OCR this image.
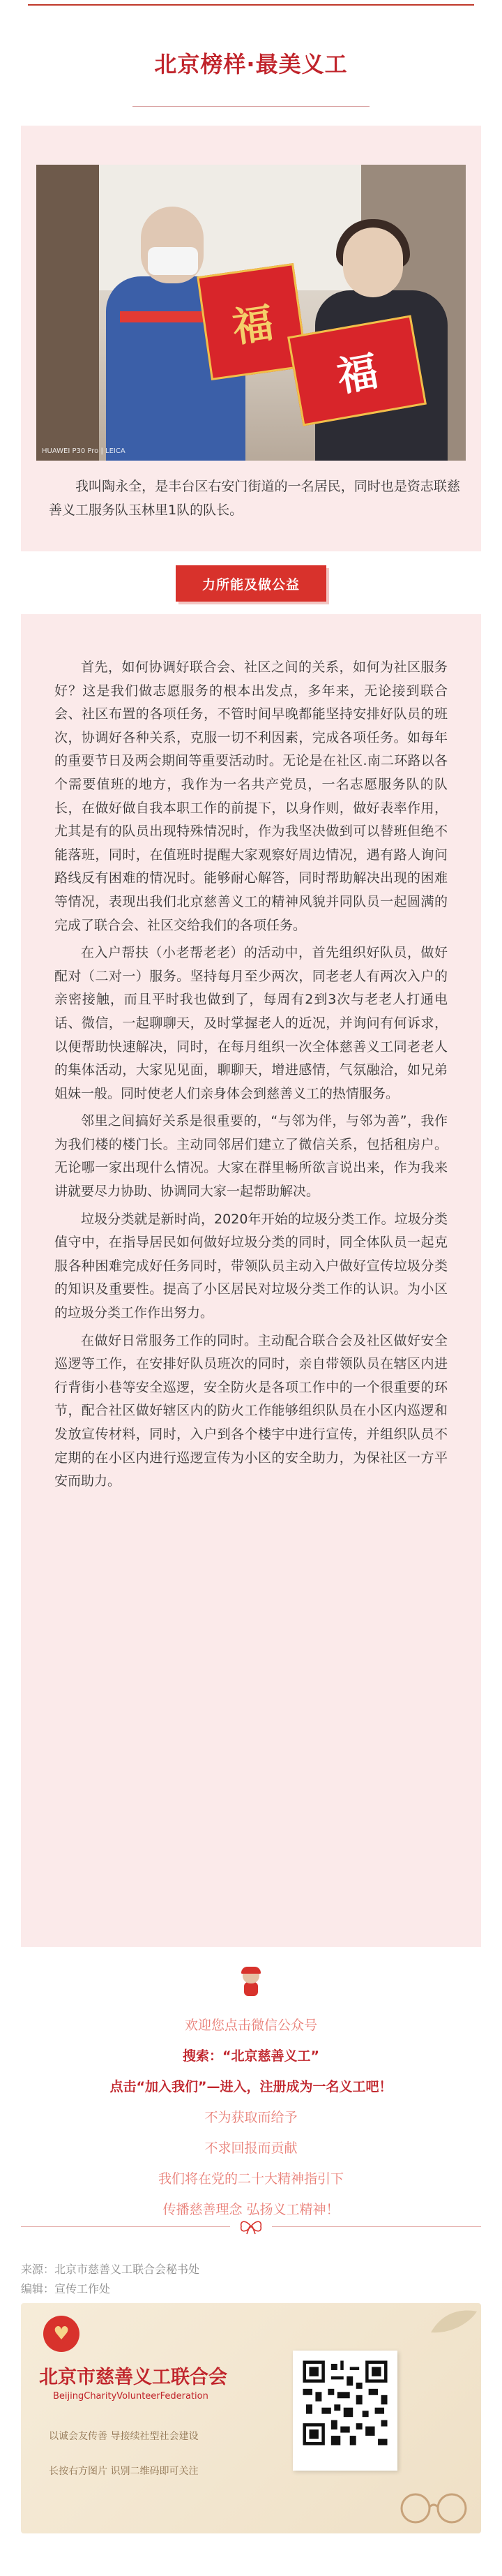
北京榜样·最美义工
福
福
HUAWEI P30 Pro | LEICA

我叫陶永全，是丰台区右安门街道的一名居民，同时也是资志联慈善义工服务队玉林里1队的队长。

力所能及做公益

首先，如何协调好联合会、社区之间的关系，如何为社区服务好？这是我们做志愿服务的根本出发点，多年来，无论接到联合会、社区布置的各项任务，不管时间早晚都能坚持安排好队员的班次，协调好各种关系，克服一切不利因素，完成各项任务。如每年的重要节日及两会期间等重要活动时。无论是在社区.南二环路以各个需要值班的地方，我作为一名共产党员，一名志愿服务队的队长，在做好做自我本职工作的前提下，以身作则，做好表率作用，尤其是有的队员出现特殊情况时，作为我坚决做到可以替班但绝不能落班，同时，在值班时提醒大家观察好周边情况，遇有路人询问路线反有困难的情况时。能够耐心解答，同时帮助解决出现的困难等情况，表现出我们北京慈善义工的精神风貌并同队员一起圆满的完成了联合会、社区交给我们的各项任务。

在入户帮扶（小老帮老老）的活动中，首先组织好队员，做好配对（二对一）服务。坚持每月至少两次，同老老人有两次入户的亲密接触，而且平时我也做到了，每周有2到3次与老老人打通电话、微信，一起聊聊天，及时掌握老人的近况，并询问有何诉求，以便帮助快速解决，同时，在每月组织一次全体慈善义工同老老人的集体活动，大家见见面，聊聊天，增进感情，气氛融洽，如兄弟姐妹一般。同时使老人们亲身体会到慈善义工的热情服务。

邻里之间搞好关系是很重要的，“与邻为伴，与邻为善”，我作为我们楼的楼门长。主动同邻居们建立了微信关系，包括租房户。无论哪一家出现什么情况。大家在群里畅所欲言说出来，作为我来讲就要尽力协助、协调同大家一起帮助解决。

垃圾分类就是新时尚，2020年开始的垃圾分类工作。垃圾分类值守中，在指导居民如何做好垃圾分类的同时，同全体队员一起克服各种困难完成好任务同时，带领队员主动入户做好宣传垃圾分类的知识及重要性。提高了小区居民对垃圾分类工作的认识。为小区的垃圾分类工作作出努力。

在做好日常服务工作的同时。主动配合联合会及社区做好安全巡逻等工作，在安排好队员班次的同时，亲自带领队员在辖区内进行背街小巷等安全巡逻，安全防火是各项工作中的一个很重要的环节，配合社区做好辖区内的防火工作能够组织队员在小区内巡逻和发放宣传材料，同时，入户到各个楼宇中进行宣传，并组织队员不定期的在小区内进行巡逻宣传为小区的安全助力，为保社区一方平安而助力。

欢迎您点击微信公众号
搜索：“北京慈善义工”
点击“加入我们”—进入，注册成为一名义工吧！
不为获取而给予
不求回报而贡献
我们将在党的二十大精神指引下
传播慈善理念 弘扬义工精神！
来源：北京市慈善义工联合会秘书处
编辑：宣传工作处
♥
北京市慈善义工联合会
BeijingCharityVolunteerFederation
以诚会友传善 导接续社型社会建设
长按右方图片 识别二维码即可关注
